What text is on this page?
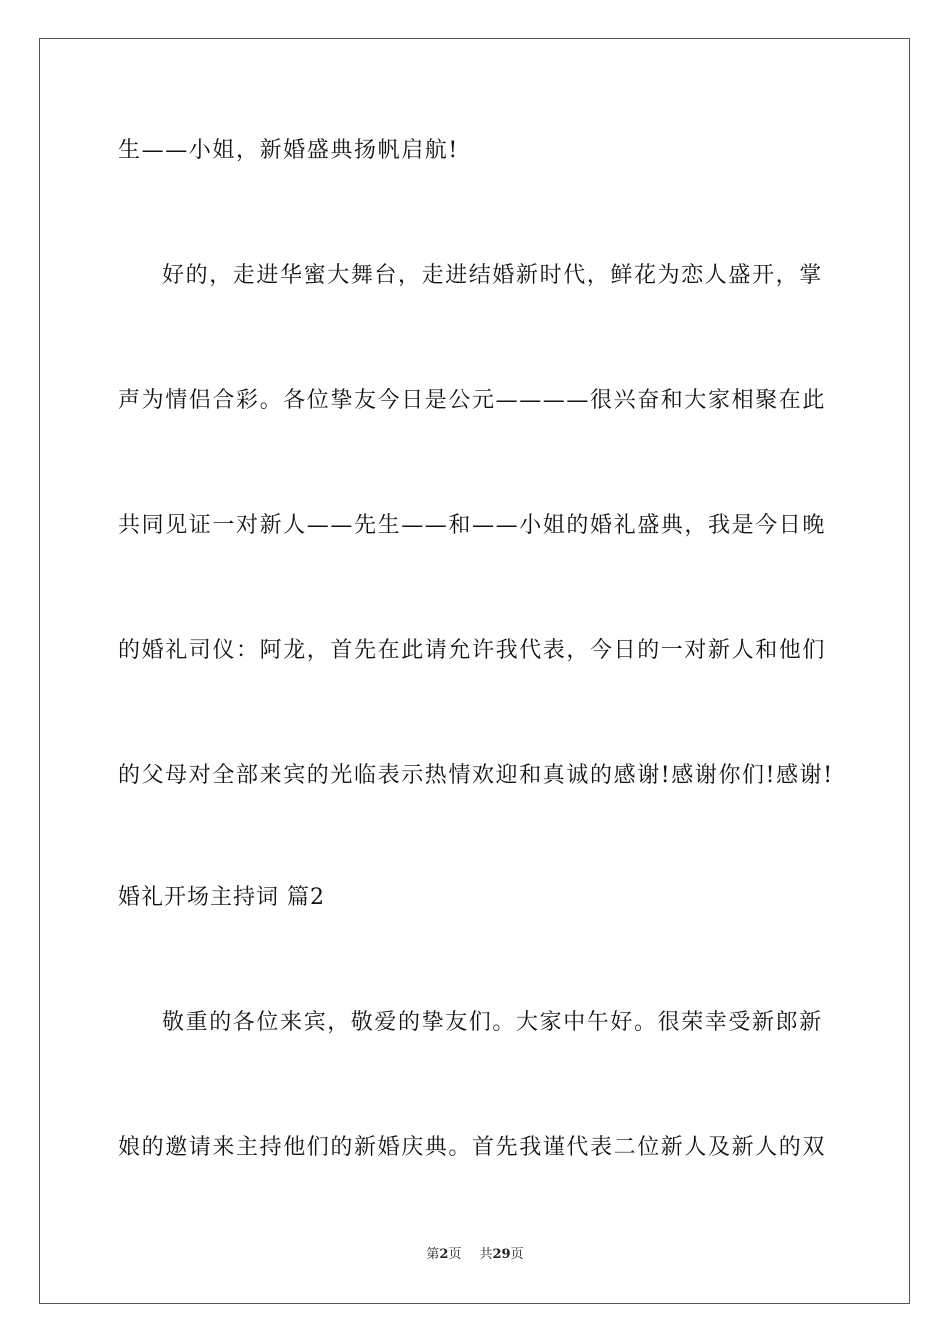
生——小姐，新婚盛典扬帆启航!
好的，走进华蜜大舞台，走进结婚新时代，鲜花为恋人盛开，掌
声为情侣合彩。各位挚友今日是公元————很兴奋和大家相聚在此
共同见证一对新人——先生——和——小姐的婚礼盛典，我是今日晚
的婚礼司仪：阿龙，首先在此请允许我代表，今日的一对新人和他们
的父母对全部来宾的光临表示热情欢迎和真诚的感谢!感谢你们!感谢!
婚礼开场主持词 篇2
敬重的各位来宾，敬爱的挚友们。大家中午好。很荣幸受新郎新
娘的邀请来主持他们的新婚庆典。首先我谨代表二位新人及新人的双
第2页 共29页
